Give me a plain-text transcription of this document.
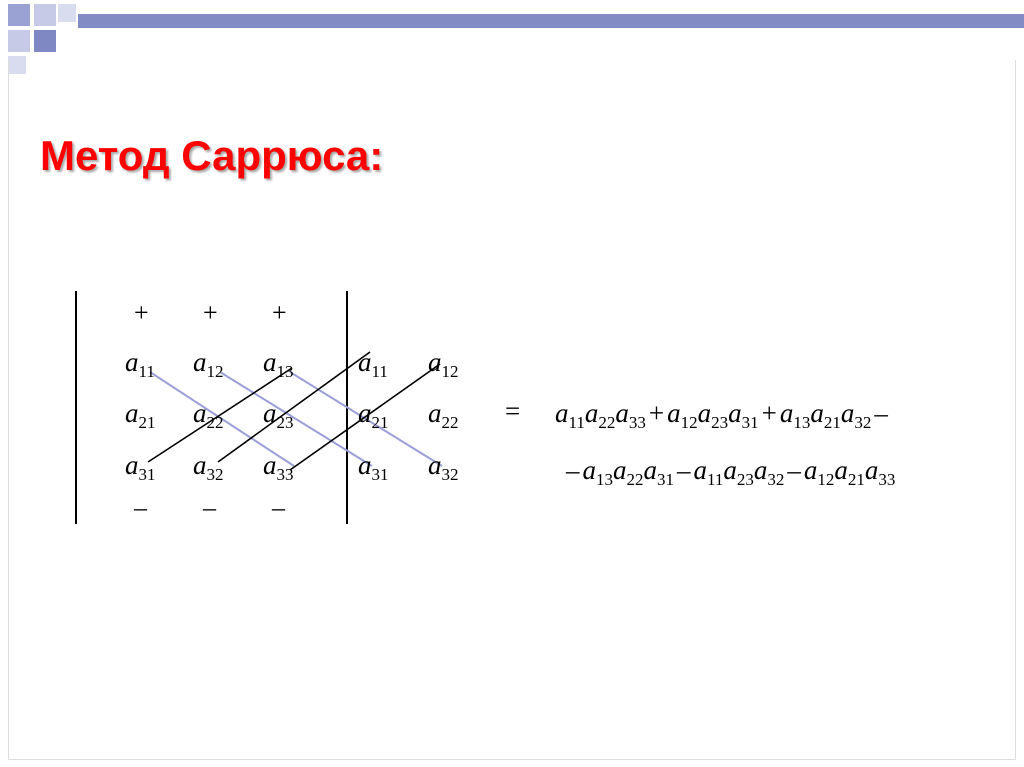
Метод Саррюса:
+ + +
$a_{11}$ $a_{12}$ $a_{13}$ $a_{11}$ $a_{12}$
$a_{21}$ $a_{22}$ $a_{23}$ $a_{21}$ $a_{22}$
$a_{31}$ $a_{32}$ $a_{33}$ $a_{31}$ $a_{32}$
– – –
= $a_{11}a_{22}a_{33} + a_{12}a_{23}a_{31} + a_{13}a_{21}a_{32}$ –
– $a_{13}a_{22}a_{31} - a_{11}a_{23}a_{32} - a_{12}a_{21}a_{33}$
